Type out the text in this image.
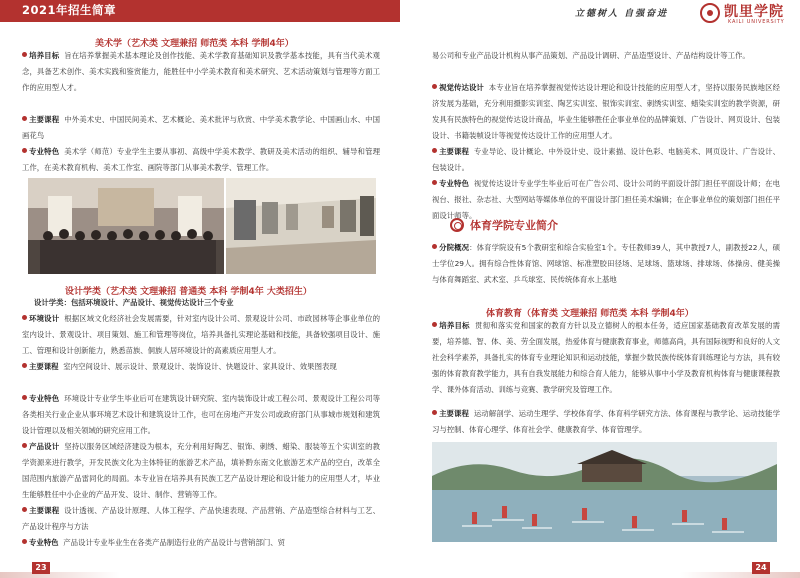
2021年招生简章
美术学（艺术类 文理兼招 师范类 本科 学制4年）
培养目标 旨在培养掌握美术基本理论及创作技能、美术学教育基础知识及教学基本技能，具有当代美术观念，具备艺术创作、美术实践和鉴赏能力，能胜任中小学美术教育和美术研究、艺术活动策划与管理等方面工作的应用型人才。
主要课程 中外美术史、中国民间美术、艺术概论、美术批评与欣赏、中学美术教学论、中国画山水、中国画花鸟
专业特色 美术学（师范）专业学生主要从事初、高级中学美术教学、教研及美术活动的组织、辅导和管理工作，在美术教育机构、美术工作室、画院等部门从事美术教学、管理工作。
设计学类（艺术类 文理兼招 普通类 本科 学制4年 大类招生）
设计学类：包括环境设计、产品设计、视觉传达设计三个专业
环境设计 根据区域文化经济社会发展需要，针对室内设计公司、景观设计公司、市政园林等企事业单位的室内设计、景观设计、项目策划、施工和管理等岗位，培养具备扎实理论基础和技能，具备较强项目设计、施工、管理和设计创新能力，熟悉苗族、侗族人居环境设计的高素质应用型人才。
主要课程 室内空间设计、展示设计、景观设计、装饰设计、快题设计、家具设计、效果图表现
专业特色 环境设计专业学生毕业后可在建筑设计研究院、室内装饰设计或工程公司、景观设计工程公司等各类相关行业企业从事环境艺术设计和建筑设计工作，也可在房地产开发公司或政府部门从事城市规划和建筑设计管理以及相关领域的研究应用工作。
产品设计 坚持以服务区域经济建设为根本，充分利用好陶艺、银饰、刺绣、蜡染、服装等五个实训室的教学资源来进行教学，开发民族文化为主体特征的旅游艺术产品，填补黔东南文化旅游艺术产品的空白，改革全国范围内旅游产品雷同化的局面。本专业旨在培养具有民族工艺产品设计理论和设计能力的应用型人才，毕业生能够胜任中小企业的产品开发、设计、制作、营销等工作。
主要课程 设计透视、产品设计原理、人体工程学、产品快速表现、产品营销、产品造型综合材料与工艺、产品设计程序与方法
专业特色 产品设计专业毕业生在各类产品制造行业的产品设计与营销部门、贸
23
立德树人 自强奋进	凯里学院
KAILI UNIVERSITY
易公司和专业产品设计机构从事产品策划、产品设计调研、产品造型设计、产品结构设计等工作。
视觉传达设计 本专业旨在培养掌握视觉传达设计理论和设计技能的应用型人才，坚持以服务民族地区经济发展为基础，充分利用摄影实训室、陶艺实训室、银饰实训室、刺绣实训室、蜡染实训室的教学资源，研发具有民族特色的视觉传达设计商品，毕业生能够胜任企事业单位的品牌策划、广告设计、网页设计、包装设计、书籍装帧设计等视觉传达设计工作的应用型人才。
主要课程 专业导论、设计概论、中外设计史、设计素描、设计色彩、电脑美术、网页设计、广告设计、包装设计。
专业特色 视觉传达设计专业学生毕业后可在广告公司、设计公司的平面设计部门担任平面设计师；在电视台、报社、杂志社、大型网站等媒体单位的平面设计部门担任美术编辑；在企事业单位的策划部门担任平面设计师等。
体育学院专业简介
分院概况：体育学院设有5个教研室和综合实验室1个。专任教师39人，其中教授7人，副教授22人，硕士学位29人。拥有综合性体育馆、网球馆、标准塑胶田径场、足球场、篮球场、排球场、体操房、健美操与体育舞蹈室、武术室、乒乓球室、民传统体育水上基地
体育教育（体育类 文理兼招 师范类 本科 学制4年）
培养目标 贯彻和落实党和国家的教育方针以及立德树人的根本任务，适应国家基础教育改革发展的需要，培养德、智、体、美、劳全面发展，热爱体育与健康教育事业，师德高尚，具有国际视野和良好的人文社会科学素养，具备扎实的体育专业理论知识和运动技能，掌握少数民族传统体育训练理论与方法，具有较强的体育教育教学能力，具有自我发展能力和综合育人能力，能够从事中小学及教育机构体育与健康课程教学、课外体育活动、训练与竞赛、教学研究及管理工作。
主要课程 运动解剖学、运动生理学、学校体育学、体育科学研究方法、体育课程与教学论、运动技能学习与控制、体育心理学、体育社会学、健康教育学、体育管理学。
24
